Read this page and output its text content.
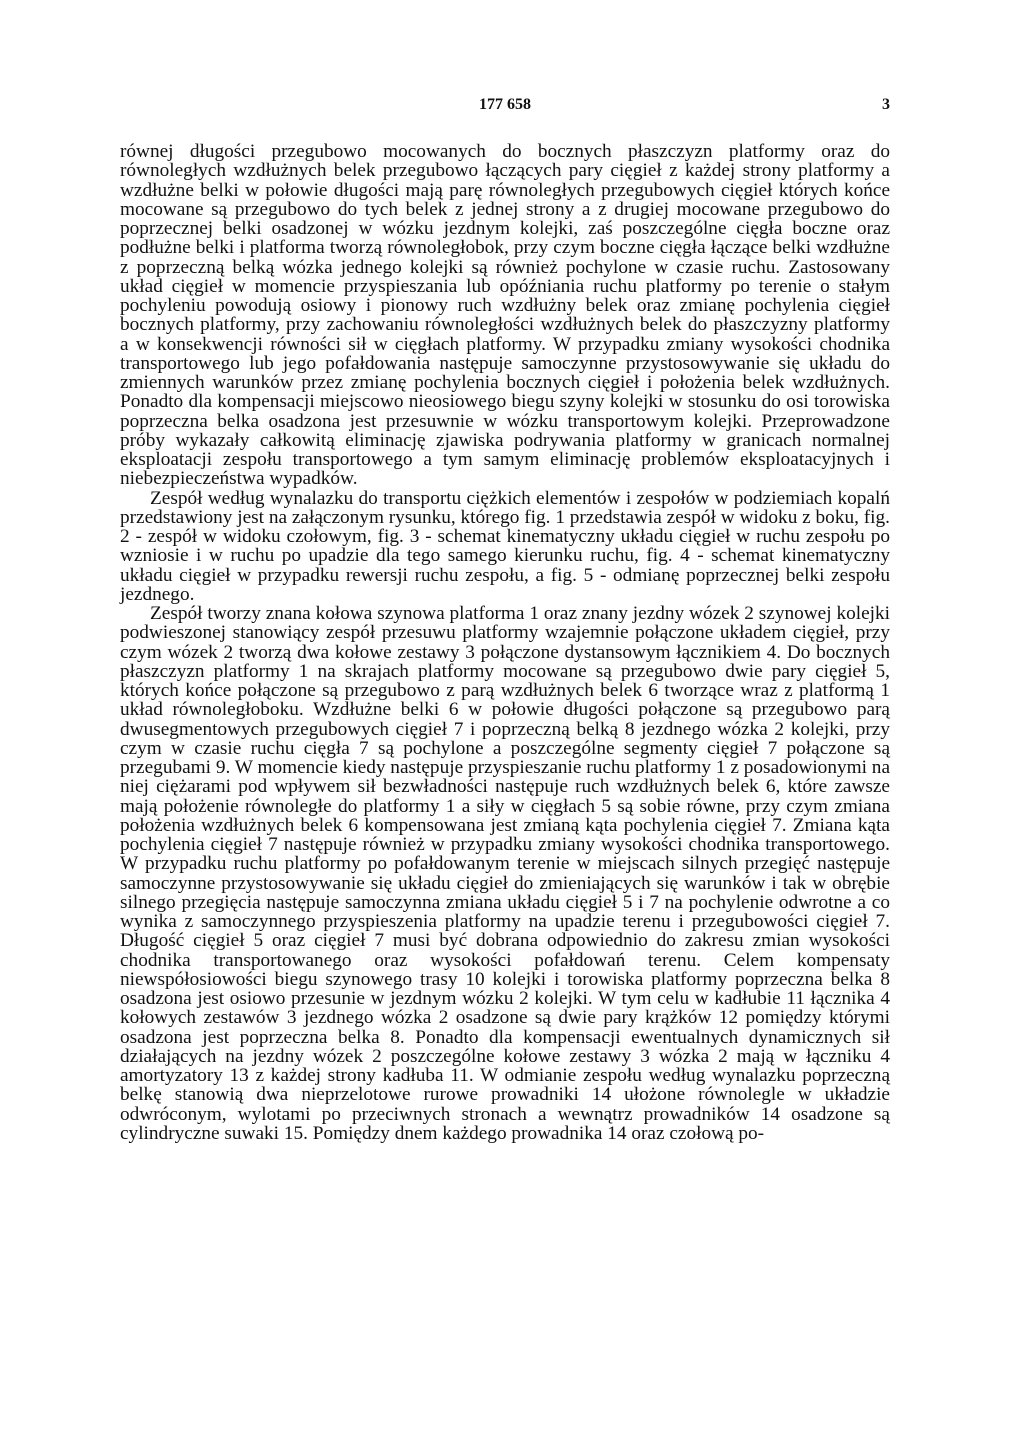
177 658	3

równej długości przegubowo mocowanych do bocznych płaszczyzn platformy oraz do równoległych wzdłużnych belek przegubowo łączących pary cięgieł z każdej strony platformy a wzdłużne belki w połowie długości mają parę równoległych przegubowych cięgieł których końce mocowane są przegubowo do tych belek z jednej strony a z drugiej mocowane przegubowo do poprzecznej belki osadzonej w wózku jezdnym kolejki, zaś poszczególne cięgła boczne oraz podłużne belki i platforma tworzą równoległobok, przy czym boczne cięgła łączące belki wzdłużne z poprzeczną belką wózka jednego kolejki są również pochylone w czasie ruchu. Zastosowany układ cięgieł w momencie przyspieszania lub opóźniania ruchu platformy po terenie o stałym pochyleniu powodują osiowy i pionowy ruch wzdłużny belek oraz zmianę pochylenia cięgieł bocznych platformy, przy zachowaniu równoległości wzdłużnych belek do płaszczyzny platformy a w konsekwencji równości sił w cięgłach platformy. W przypadku zmiany wysokości chodnika transportowego lub jego pofałdowania następuje samoczynne przystosowywanie się układu do zmiennych warunków przez zmianę pochylenia bocznych cięgieł i położenia belek wzdłużnych. Ponadto dla kompensacji miejscowo nieosiowego biegu szyny kolejki w stosunku do osi torowiska poprzeczna belka osadzona jest przesuwnie w wózku transportowym kolejki. Przeprowadzone próby wykazały całkowitą eliminację zjawiska podrywania platformy w granicach normalnej eksploatacji zespołu transportowego a tym samym eliminację problemów eksploatacyjnych i niebezpieczeństwa wypadków.

Zespół według wynalazku do transportu ciężkich elementów i zespołów w podziemiach kopalń przedstawiony jest na załączonym rysunku, którego fig. 1 przedstawia zespół w widoku z boku, fig. 2 - zespół w widoku czołowym, fig. 3 - schemat kinematyczny układu cięgieł w ruchu zespołu po wzniosie i w ruchu po upadzie dla tego samego kierunku ruchu, fig. 4 - schemat kinematyczny układu cięgieł w przypadku rewersji ruchu zespołu, a fig. 5 - odmianę poprzecznej belki zespołu jezdnego.

Zespół tworzy znana kołowa szynowa platforma 1 oraz znany jezdny wózek 2 szynowej kolejki podwieszonej stanowiący zespół przesuwu platformy wzajemnie połączone układem cięgieł, przy czym wózek 2 tworzą dwa kołowe zestawy 3 połączone dystansowym łącznikiem 4. Do bocznych płaszczyzn platformy 1 na skrajach platformy mocowane są przegubowo dwie pary cięgieł 5, których końce połączone są przegubowo z parą wzdłużnych belek 6 tworzące wraz z platformą 1 układ równoległoboku. Wzdłużne belki 6 w połowie długości połączone są przegubowo parą dwusegmentowych przegubowych cięgieł 7 i poprzeczną belką 8 jezdnego wózka 2 kolejki, przy czym w czasie ruchu cięgła 7 są pochylone a poszczególne segmenty cięgieł 7 połączone są przegubami 9. W momencie kiedy następuje przyspieszanie ruchu platformy 1 z posadowionymi na niej ciężarami pod wpływem sił bezwładności następuje ruch wzdłużnych belek 6, które zawsze mają położenie równoległe do platformy 1 a siły w cięgłach 5 są sobie równe, przy czym zmiana położenia wzdłużnych belek 6 kompensowana jest zmianą kąta pochylenia cięgieł 7. Zmiana kąta pochylenia cięgieł 7 następuje również w przypadku zmiany wysokości chodnika transportowego. W przypadku ruchu platformy po pofałdowanym terenie w miejscach silnych przegięć następuje samoczynne przystosowywanie się układu cięgieł do zmieniających się warunków i tak w obrębie silnego przegięcia następuje samoczynna zmiana układu cięgieł 5 i 7 na pochylenie odwrotne a co wynika z samoczynnego przyspieszenia platformy na upadzie terenu i przegubowości cięgieł 7. Długość cięgieł 5 oraz cięgieł 7 musi być dobrana odpowiednio do zakresu zmian wysokości chodnika transportowanego oraz wysokości pofałdowań terenu. Celem kompensaty niewspółosiowości biegu szynowego trasy 10 kolejki i torowiska platformy poprzeczna belka 8 osadzona jest osiowo przesunie w jezdnym wózku 2 kolejki. W tym celu w kadłubie 11 łącznika 4 kołowych zestawów 3 jezdnego wózka 2 osadzone są dwie pary krążków 12 pomiędzy którymi osadzona jest poprzeczna belka 8. Ponadto dla kompensacji ewentualnych dynamicznych sił działających na jezdny wózek 2 poszczególne kołowe zestawy 3 wózka 2 mają w łączniku 4 amortyzatory 13 z każdej strony kadłuba 11. W odmianie zespołu według wynalazku poprzeczną belkę stanowią dwa nieprzelotowe rurowe prowadniki 14 ułożone równolegle w układzie odwróconym, wylotami po przeciwnych stronach a wewnątrz prowadników 14 osadzone są cylindryczne suwaki 15. Pomiędzy dnem każdego prowadnika 14 oraz czołową po-
